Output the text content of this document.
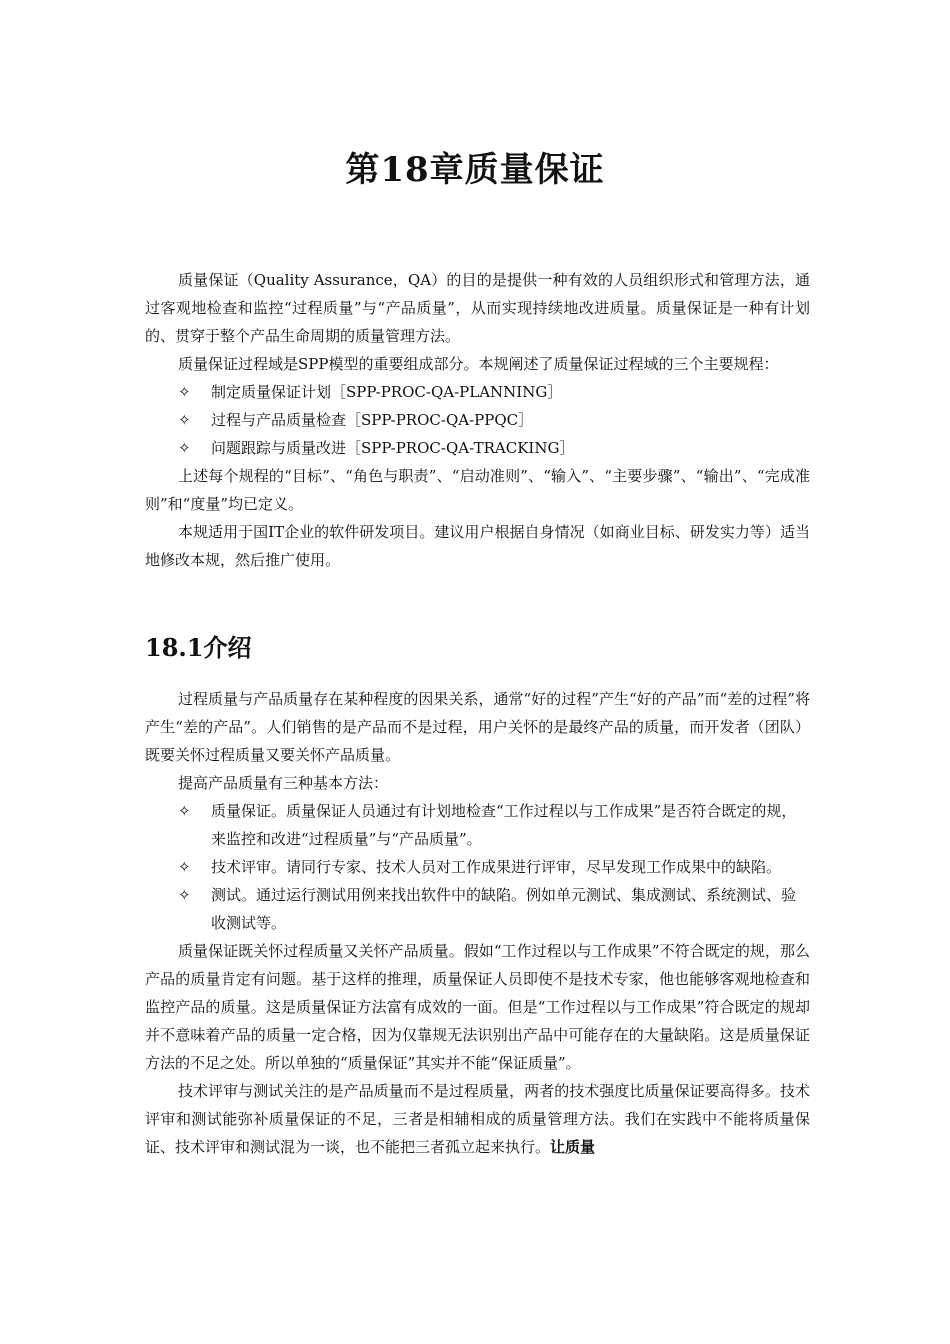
第18章质量保证

质量保证（Quality Assurance，QA）的目的是提供一种有效的人员组织形式和管理方法，通过客观地检查和监控“过程质量”与“产品质量”，从而实现持续地改进质量。质量保证是一种有计划的、贯穿于整个产品生命周期的质量管理方法。

质量保证过程域是SPP模型的重要组成部分。本规阐述了质量保证过程域的三个主要规程：

✧	制定质量保证计划［SPP-PROC-QA-PLANNING］
✧	过程与产品质量检查［SPP-PROC-QA-PPQC］
✧	问题跟踪与质量改进［SPP-PROC-QA-TRACKING］

上述每个规程的“目标”、“角色与职责”、“启动准则”、“输入”、“主要步骤”、“输出”、“完成准则”和“度量”均已定义。

本规适用于国IT企业的软件研发项目。建议用户根据自身情况（如商业目标、研发实力等）适当地修改本规，然后推广使用。

18.1介绍

过程质量与产品质量存在某种程度的因果关系，通常“好的过程”产生“好的产品”而“差的过程”将产生“差的产品”。人们销售的是产品而不是过程，用户关怀的是最终产品的质量，而开发者（团队）既要关怀过程质量又要关怀产品质量。

提高产品质量有三种基本方法：

✧	质量保证。质量保证人员通过有计划地检查“工作过程以与工作成果”是否符合既定的规，来监控和改进“过程质量”与“产品质量”。
✧	技术评审。请同行专家、技术人员对工作成果进行评审，尽早发现工作成果中的缺陷。
✧	测试。通过运行测试用例来找出软件中的缺陷。例如单元测试、集成测试、系统测试、验收测试等。

质量保证既关怀过程质量又关怀产品质量。假如“工作过程以与工作成果”不符合既定的规，那么产品的质量肯定有问题。基于这样的推理，质量保证人员即使不是技术专家，他也能够客观地检查和监控产品的质量。这是质量保证方法富有成效的一面。但是“工作过程以与工作成果”符合既定的规却并不意味着产品的质量一定合格，因为仅靠规无法识别出产品中可能存在的大量缺陷。这是质量保证方法的不足之处。所以单独的“质量保证”其实并不能“保证质量”。

技术评审与测试关注的是产品质量而不是过程质量，两者的技术强度比质量保证要高得多。技术评审和测试能弥补质量保证的不足，三者是相辅相成的质量管理方法。我们在实践中不能将质量保证、技术评审和测试混为一谈，也不能把三者孤立起来执行。让质量
